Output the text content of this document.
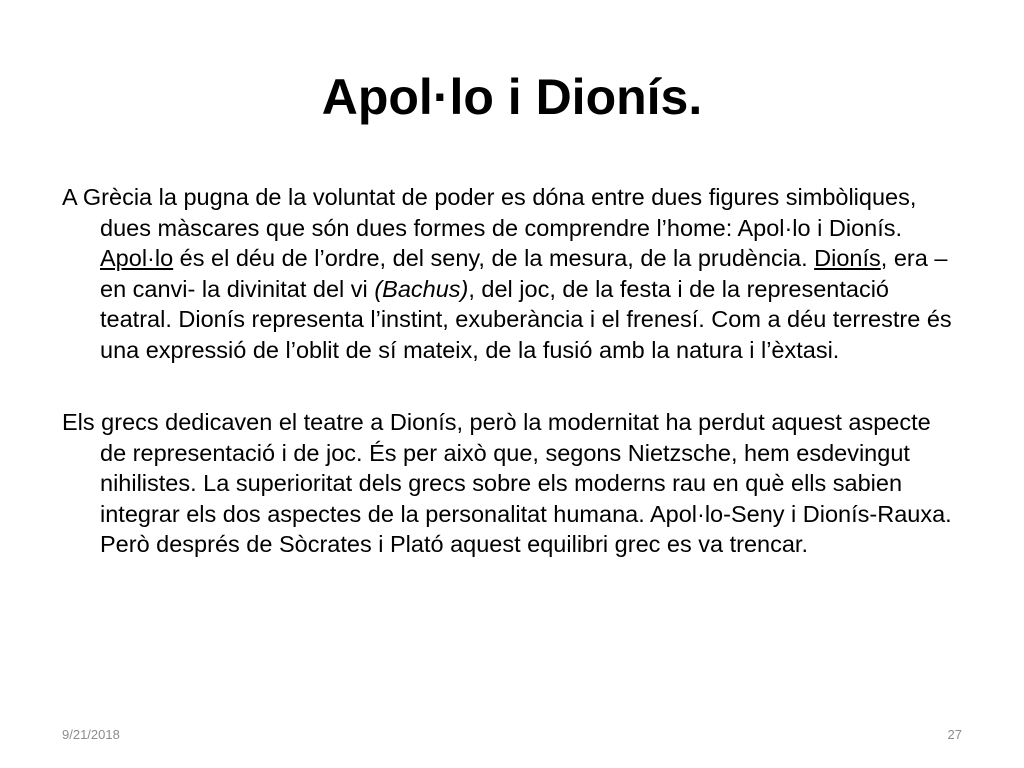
Apol·lo i Dionís.

A Grècia la pugna de la voluntat de poder es dóna entre dues figures simbòliques, dues màscares que són dues formes de comprendre l’home: Apol·lo i Dionís. Apol·lo és el déu de l’ordre, del seny, de la mesura, de la prudència. Dionís, era –en canvi- la divinitat del vi (Bachus), del joc, de la festa i de la representació teatral. Dionís representa l’instint, exuberància i el frenesí. Com a déu terrestre és una expressió de l’oblit de sí mateix, de la fusió amb la natura i l’èxtasi.

Els grecs dedicaven el teatre a Dionís, però la modernitat ha perdut aquest aspecte de representació i de joc. És per això que, segons Nietzsche, hem esdevingut nihilistes. La superioritat dels grecs sobre els moderns rau en què ells sabien integrar els dos aspectes de la personalitat humana. Apol·lo-Seny i Dionís-Rauxa. Però després de Sòcrates i Plató aquest equilibri grec es va trencar.

9/21/2018	27
